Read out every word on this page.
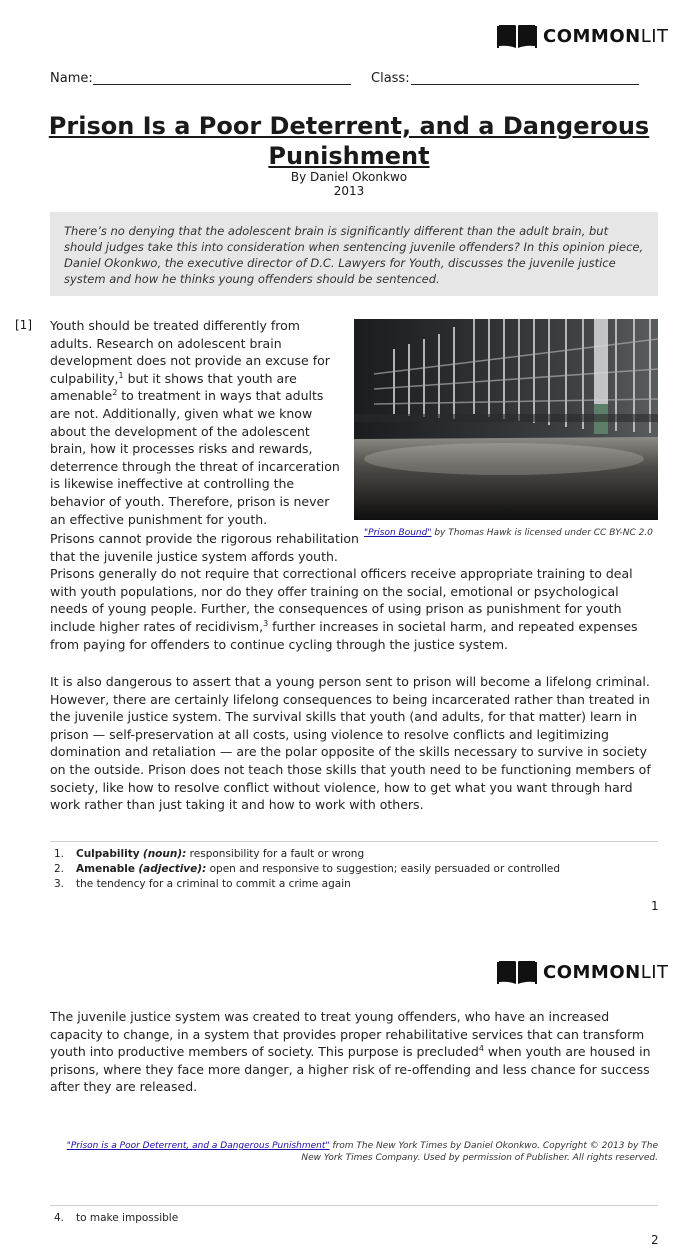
COMMONLIT
Name:	Class:
Prison Is a Poor Deterrent, and a Dangerous
Punishment
By Daniel Okonkwo
2013
There’s no denying that the adolescent brain is significantly different than the adult brain, but should judges take this into consideration when sentencing juvenile offenders? In this opinion piece, Daniel Okonkwo, the executive director of D.C. Lawyers for Youth, discusses the juvenile justice system and how he thinks young offenders should be sentenced.
[1]
"Prison Bound" by Thomas Hawk is licensed under CC BY-NC 2.0
Youth should be treated differently from adults. Research on adolescent brain development does not provide an excuse for culpability,$^1$ but it shows that youth are amenable$^2$ to treatment in ways that adults are not. Additionally, given what we know about the development of the adolescent brain, how it processes risks and rewards, deterrence through the threat of incarceration is likewise ineffective at controlling the behavior of youth. Therefore, prison is never an effective punishment for youth.
Prisons cannot provide the rigorous rehabilitation
that the juvenile justice system affords youth.
Prisons generally do not require that correctional officers receive appropriate training to deal with youth populations, nor do they offer training on the social, emotional or psychological needs of young people. Further, the consequences of using prison as punishment for youth include higher rates of recidivism,$^3$ further increases in societal harm, and repeated expenses from paying for offenders to continue cycling through the justice system.
It is also dangerous to assert that a young person sent to prison will become a lifelong criminal. However, there are certainly lifelong consequences to being incarcerated rather than treated in the juvenile justice system. The survival skills that youth (and adults, for that matter) learn in prison — self-preservation at all costs, using violence to resolve conflicts and legitimizing domination and retaliation — are the polar opposite of the skills necessary to survive in society on the outside. Prison does not teach those skills that youth need to be functioning members of society, like how to resolve conflict without violence, how to get what you want through hard work rather than just taking it and how to work with others.
1. Culpability (noun): responsibility for a fault or wrong
2. Amenable (adjective): open and responsive to suggestion; easily persuaded or controlled
3. the tendency for a criminal to commit a crime again
1
COMMONLIT
The juvenile justice system was created to treat young offenders, who have an increased capacity to change, in a system that provides proper rehabilitative services that can transform youth into productive members of society. This purpose is precluded$^4$ when youth are housed in prisons, where they face more danger, a higher risk of re-offending and less chance for success after they are released.
"Prison is a Poor Deterrent, and a Dangerous Punishment" from The New York Times by Daniel Okonkwo. Copyright © 2013 by The New York Times Company. Used by permission of Publisher. All rights reserved.
4. to make impossible
2
